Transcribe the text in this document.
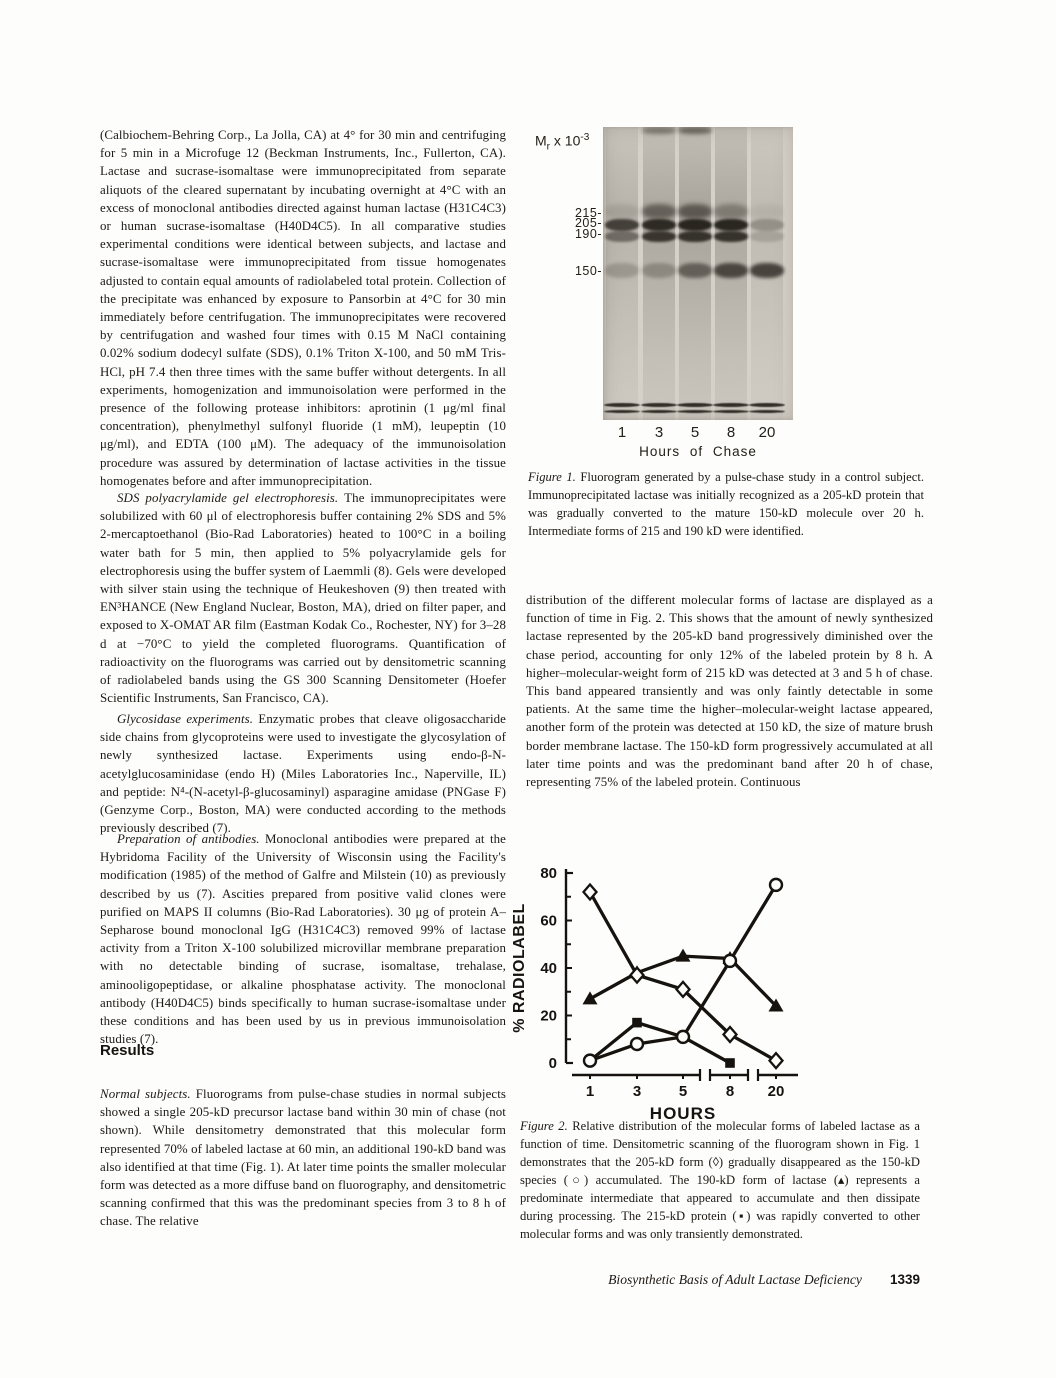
(Calbiochem-Behring Corp., La Jolla, CA) at 4° for 30 min and centrifuging for 5 min in a Microfuge 12 (Beckman Instruments, Inc., Fullerton, CA). Lactase and sucrase-isomaltase were immunoprecipitated from separate aliquots of the cleared supernatant by incubating overnight at 4°C with an excess of monoclonal antibodies directed against human lactase (H31C4C3) or human sucrase-isomaltase (H40D4C5). In all comparative studies experimental conditions were identical between subjects, and lactase and sucrase-isomaltase were immunoprecipitated from tissue homogenates adjusted to contain equal amounts of radiolabeled total protein. Collection of the precipitate was enhanced by exposure to Pansorbin at 4°C for 30 min immediately before centrifugation. The immunoprecipitates were recovered by centrifugation and washed four times with 0.15 M NaCl containing 0.02% sodium dodecyl sulfate (SDS), 0.1% Triton X-100, and 50 mM Tris-HCl, pH 7.4 then three times with the same buffer without detergents. In all experiments, homogenization and immunoisolation were performed in the presence of the following protease inhibitors: aprotinin (1 μg/ml final concentration), phenylmethyl sulfonyl fluoride (1 mM), leupeptin (10 μg/ml), and EDTA (100 μM). The adequacy of the immunoisolation procedure was assured by determination of lactase activities in the tissue homogenates before and after immunoprecipitation.

SDS polyacrylamide gel electrophoresis. The immunoprecipitates were solubilized with 60 μl of electrophoresis buffer containing 2% SDS and 5% 2-mercaptoethanol (Bio-Rad Laboratories) heated to 100°C in a boiling water bath for 5 min, then applied to 5% polyacrylamide gels for electrophoresis using the buffer system of Laemmli (8). Gels were developed with silver stain using the technique of Heukeshoven (9) then treated with EN³HANCE (New England Nuclear, Boston, MA), dried on filter paper, and exposed to X-OMAT AR film (Eastman Kodak Co., Rochester, NY) for 3–28 d at −70°C to yield the completed fluorograms. Quantification of radioactivity on the fluorograms was carried out by densitometric scanning of radiolabeled bands using the GS 300 Scanning Densitometer (Hoefer Scientific Instruments, San Francisco, CA).

Glycosidase experiments. Enzymatic probes that cleave oligosaccharide side chains from glycoproteins were used to investigate the glycosylation of newly synthesized lactase. Experiments using endo-β-N-acetylglucosaminidase (endo H) (Miles Laboratories Inc., Naperville, IL) and peptide: N⁴-(N-acetyl-β-glucosaminyl) asparagine amidase (PNGase F) (Genzyme Corp., Boston, MA) were conducted according to the methods previously described (7).

Preparation of antibodies. Monoclonal antibodies were prepared at the Hybridoma Facility of the University of Wisconsin using the Facility's modification (1985) of the method of Galfre and Milstein (10) as previously described by us (7). Ascities prepared from positive valid clones were purified on MAPS II columns (Bio-Rad Laboratories). 30 μg of protein A–Sepharose bound monoclonal IgG (H31C4C3) removed 99% of lactase activity from a Triton X-100 solubilized microvillar membrane preparation with no detectable binding of sucrase, isomaltase, trehalase, aminooligopeptidase, or alkaline phosphatase activity. The monoclonal antibody (H40D4C5) binds specifically to human sucrase-isomaltase under these conditions and has been used by us in previous immunoisolation studies (7).

Results

Normal subjects. Fluorograms from pulse-chase studies in normal subjects showed a single 205-kD precursor lactase band within 30 min of chase (not shown). While densitometry demonstrated that this molecular form represented 70% of labeled lactase at 60 min, an additional 190-kD band was also identified at that time (Fig. 1). At later time points the smaller molecular form was detected as a more diffuse band on fluorography, and densitometric scanning confirmed that this was the predominant species from 3 to 8 h of chase. The relative

$M_r$ x $10^{-3}$
215-
205-
190-
150-
Hours of Chase

Figure 1. Fluorogram generated by a pulse-chase study in a control subject. Immunoprecipitated lactase was initially recognized as a 205-kD protein that was gradually converted to the mature 150-kD molecule over 20 h. Intermediate forms of 215 and 190 kD were identified.

distribution of the different molecular forms of lactase are displayed as a function of time in Fig. 2. This shows that the amount of newly synthesized lactase represented by the 205-kD band progressively diminished over the chase period, accounting for only 12% of the labeled protein by 8 h. A higher–molecular-weight form of 215 kD was detected at 3 and 5 h of chase. This band appeared transiently and was only faintly detectable in some patients. At the same time the higher–molecular-weight lactase appeared, another form of the protein was detected at 150 kD, the size of mature brush border membrane lactase. The 150-kD form progressively accumulated at all later time points and was the predominant band after 20 h of chase, representing 75% of the labeled protein. Continuous

0
20
40
60
80
% RADIOLABEL
1	3	5	8 20
HOURS

Figure 2. Relative distribution of the molecular forms of labeled lactase as a function of time. Densitometric scanning of the fluorogram shown in Fig. 1 demonstrates that the 205-kD form (◊) gradually disappeared as the 150-kD species (○) accumulated. The 190-kD form of lactase (▴) represents a predominate intermediate that appeared to accumulate and then dissipate during processing. The 215-kD protein (▪) was rapidly converted to other molecular forms and was only transiently demonstrated.

Biosynthetic Basis of Adult Lactase Deficiency 1339
1	3	5	8	20
